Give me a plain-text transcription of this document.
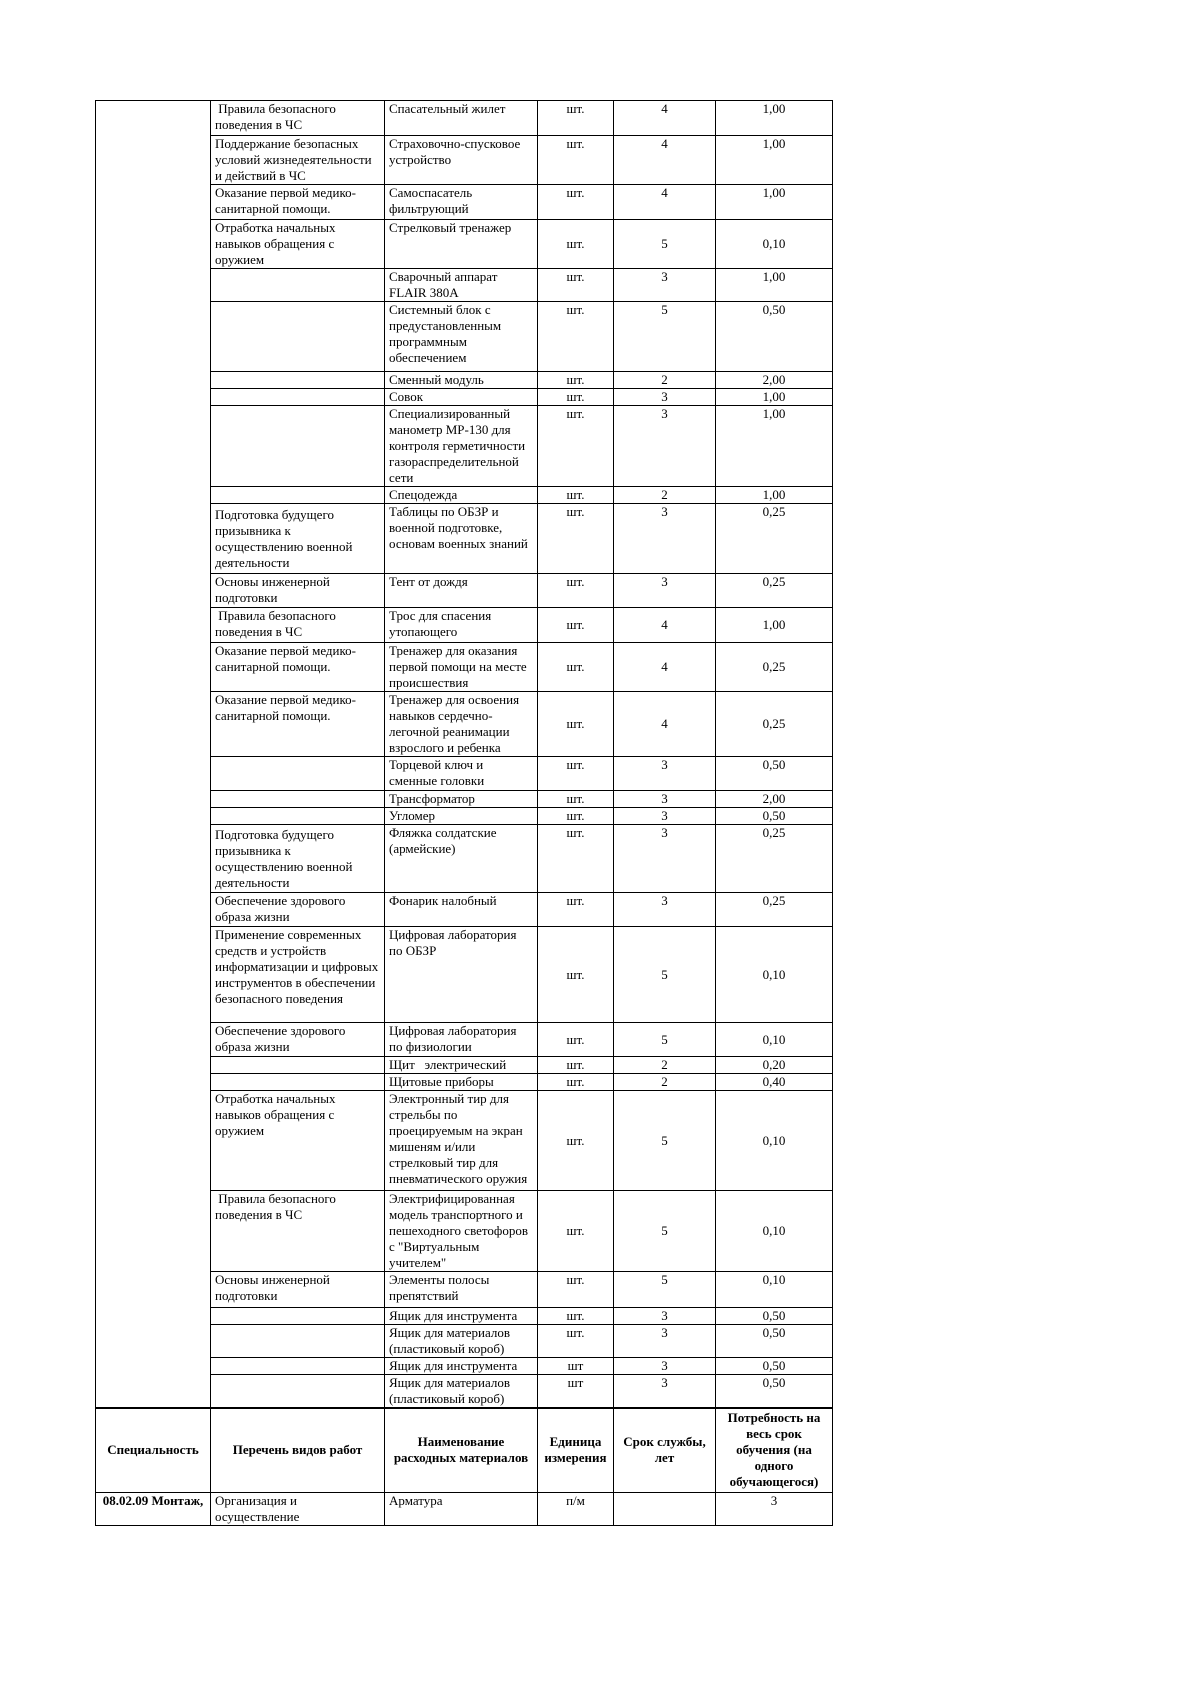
	Правила безопасного поведения в ЧС	Спасательный жилет	шт.	4	1,00
	Поддержание безопасных условий жизнедеятельности и действий в ЧС	Страховочно-спусковое устройство	шт.	4	1,00
	Оказание первой медико-санитарной помощи.	Самоспасатель фильтрующий	шт.	4	1,00
	Отработка начальных навыков обращения с оружием	Стрелковый тренажер	шт.	5	0,10
		Сварочный аппарат FLAIR 380А	шт.	3	1,00
		Системный блок с предустановленным программным обеспечением	шт.	5	0,50
		Сменный модуль	шт.	2	2,00
		Совок	шт.	3	1,00
		Специализированный манометр МР-130 для контроля герметичности газораспределительной сети	шт.	3	1,00
		Спецодежда	шт.	2	1,00
	Подготовка будущего призывника к осуществлению военной деятельности	Таблицы по ОБЗР и военной подготовке, основам военных знаний	шт.	3	0,25
	Основы инженерной подготовки	Тент от дождя	шт.	3	0,25
	Правила безопасного поведения в ЧС	Трос для спасения утопающего	шт.	4	1,00
	Оказание первой медико-санитарной помощи.	Тренажер для оказания первой помощи на месте происшествия	шт.	4	0,25
	Оказание первой медико-санитарной помощи.	Тренажер для освоения навыков сердечно-легочной реанимации взрослого и ребенка	шт.	4	0,25
		Торцевой ключ и сменные головки	шт.	3	0,50
		Трансформатор	шт.	3	2,00
		Угломер	шт.	3	0,50
	Подготовка будущего призывника к осуществлению военной деятельности	Фляжка солдатские (армейские)	шт.	3	0,25
	Обеспечение здорового образа жизни	Фонарик налобный	шт.	3	0,25
	Применение современных средств и устройств информатизации и цифровых инструментов в обеспечении безопасного поведения	Цифровая лаборатория по ОБЗР	шт.	5	0,10
	Обеспечение здорового образа жизни	Цифровая лаборатория по физиологии	шт.	5	0,10
		Щит   электрический	шт.	2	0,20
		Щитовые приборы	шт.	2	0,40
	Отработка начальных навыков обращения с оружием	Электронный тир для стрельбы по проецируемым на экран мишеням и/или стрелковый тир для пневматического оружия	шт.	5	0,10
	Правила безопасного поведения в ЧС	Электрифицированная модель транспортного и пешеходного светофоров с "Виртуальным учителем"	шт.	5	0,10
	Основы инженерной подготовки	Элементы полосы препятствий	шт.	5	0,10
		Ящик для инструмента	шт.	3	0,50
		Ящик для материалов (пластиковый короб)	шт.	3	0,50
		Ящик для инструмента	шт	3	0,50
		Ящик для материалов (пластиковый короб)	шт	3	0,50
Специальность	Перечень видов работ	Наименование расходных материалов	Единица измерения	Срок службы, лет	Потребность на весь срок обучения (на одного обучающегося)
08.02.09 Монтаж,	Организация и осуществление	Арматура	п/м		3
